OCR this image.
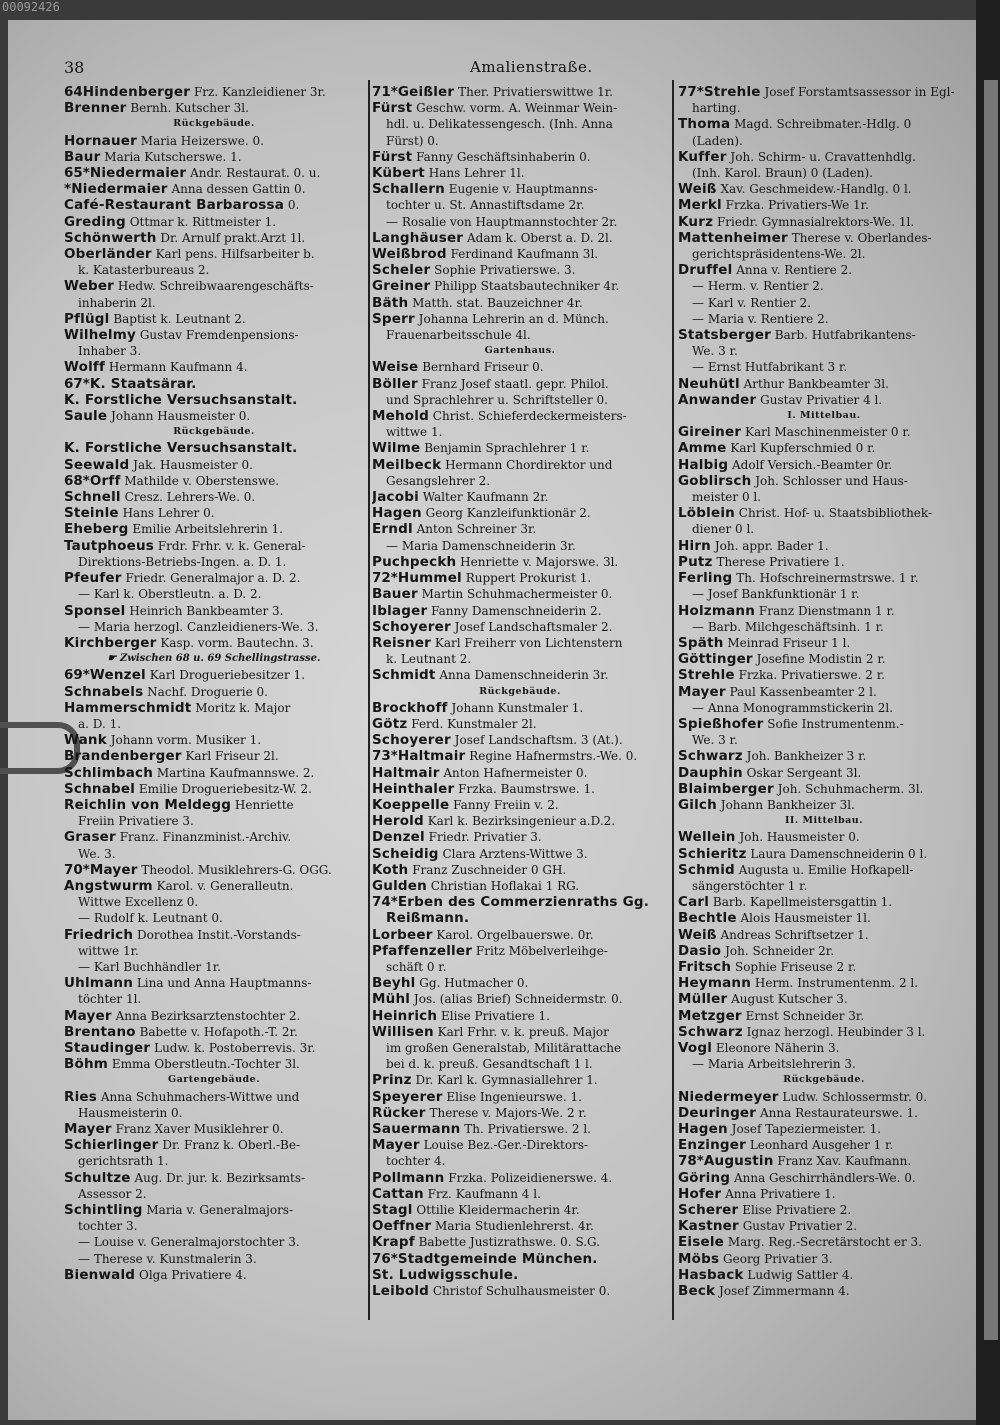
00092426
38	Amalienstraße.
64Hindenberger Frz. Kanzleidiener 3r.
Brenner Bernh. Kutscher 3l.
Rückgebäude.
Hornauer Maria Heizerswe. 0.
Baur Maria Kutscherswe. 1.
65*Niedermaier Andr. Restaurat. 0. u.
*Niedermaier Anna dessen Gattin 0.
Café-Restaurant Barbarossa 0.
Greding Ottmar k. Rittmeister 1.
Schönwerth Dr. Arnulf prakt.Arzt 1l.
Oberländer Karl pens. Hilfsarbeiter b.
k. Katasterbureaus 2.
Weber Hedw. Schreibwaarengeschäfts-
inhaberin 2l.
Pflügl Baptist k. Leutnant 2.
Wilhelmy Gustav Fremdenpensions-
Inhaber 3.
Wolff Hermann Kaufmann 4.
67*K. Staatsärar.
K. Forstliche Versuchsanstalt.
Saule Johann Hausmeister 0.
Rückgebäude.
K. Forstliche Versuchsanstalt.
Seewald Jak. Hausmeister 0.
68*Orff Mathilde v. Oberstenswe.
Schnell Cresz. Lehrers-We. 0.
Steinle Hans Lehrer 0.
Eheberg Emilie Arbeitslehrerin 1.
Tautphoeus Frdr. Frhr. v. k. General-
Direktions-Betriebs-Ingen. a. D. 1.
Pfeufer Friedr. Generalmajor a. D. 2.
— Karl k. Oberstleutn. a. D. 2.
Sponsel Heinrich Bankbeamter 3.
— Maria herzogl. Canzleidieners-We. 3.
Kirchberger Kasp. vorm. Bautechn. 3.
☛ Zwischen 68 u. 69 Schellingstrasse.
69*Wenzel Karl Drogueriebesitzer 1.
Schnabels Nachf. Droguerie 0.
Hammerschmidt Moritz k. Major
a. D. 1.
Wank Johann vorm. Musiker 1.
Brandenberger Karl Friseur 2l.
Schlimbach Martina Kaufmannswe. 2.
Schnabel Emilie Drogueriebesitz-W. 2.
Reichlin von Meldegg Henriette
Freiin Privatiere 3.
Graser Franz. Finanzminist.-Archiv.
We. 3.
70*Mayer Theodol. Musiklehrers-G. OGG.
Angstwurm Karol. v. Generalleutn.
Wittwe Excellenz 0.
— Rudolf k. Leutnant 0.
Friedrich Dorothea Instit.-Vorstands-
wittwe 1r.
— Karl Buchhändler 1r.
Uhlmann Lina und Anna Hauptmanns-
töchter 1l.
Mayer Anna Bezirksarztenstochter 2.
Brentano Babette v. Hofapoth.-T. 2r.
Staudinger Ludw. k. Postoberrevis. 3r.
Böhm Emma Oberstleutn.-Tochter 3l.
Gartengebäude.
Ries Anna Schuhmachers-Wittwe und
Hausmeisterin 0.
Mayer Franz Xaver Musiklehrer 0.
Schierlinger Dr. Franz k. Oberl.-Be-
gerichtsrath 1.
Schultze Aug. Dr. jur. k. Bezirksamts-
Assessor 2.
Schintling Maria v. Generalmajors-
tochter 3.
— Louise v. Generalmajorstochter 3.
— Therese v. Kunstmalerin 3.
Bienwald Olga Privatiere 4.
71*Geißler Ther. Privatierswittwe 1r.
Fürst Geschw. vorm. A. Weinmar Wein-
hdl. u. Delikatessengesch. (Inh. Anna
Fürst) 0.
Fürst Fanny Geschäftsinhaberin 0.
Kübert Hans Lehrer 1l.
Schallern Eugenie v. Hauptmanns-
tochter u. St. Annastiftsdame 2r.
— Rosalie von Hauptmannstochter 2r.
Langhäuser Adam k. Oberst a. D. 2l.
Weißbrod Ferdinand Kaufmann 3l.
Scheler Sophie Privatierswe. 3.
Greiner Philipp Staatsbautechniker 4r.
Bäth Matth. stat. Bauzeichner 4r.
Sperr Johanna Lehrerin an d. Münch.
Frauenarbeitsschule 4l.
Gartenhaus.
Weise Bernhard Friseur 0.
Böller Franz Josef staatl. gepr. Philol.
und Sprachlehrer u. Schriftsteller 0.
Mehold Christ. Schieferdeckermeisters-
wittwe 1.
Wilme Benjamin Sprachlehrer 1 r.
Meilbeck Hermann Chordirektor und
Gesangslehrer 2.
Jacobi Walter Kaufmann 2r.
Hagen Georg Kanzleifunktionär 2.
Erndl Anton Schreiner 3r.
— Maria Damenschneiderin 3r.
Puchpeckh Henriette v. Majorswe. 3l.
72*Hummel Ruppert Prokurist 1.
Bauer Martin Schuhmachermeister 0.
Iblager Fanny Damenschneiderin 2.
Schoyerer Josef Landschaftsmaler 2.
Reisner Karl Freiherr von Lichtenstern
k. Leutnant 2.
Schmidt Anna Damenschneiderin 3r.
Rückgebäude.
Brockhoff Johann Kunstmaler 1.
Götz Ferd. Kunstmaler 2l.
Schoyerer Josef Landschaftsm. 3 (At.).
73*Haltmair Regine Hafnermstrs.-We. 0.
Haltmair Anton Hafnermeister 0.
Heinthaler Frzka. Baumstrswe. 1.
Koeppelle Fanny Freiin v. 2.
Herold Karl k. Bezirksingenieur a.D.2.
Denzel Friedr. Privatier 3.
Scheidig Clara Arztens-Wittwe 3.
Koth Franz Zuschneider 0 GH.
Gulden Christian Hoflakai 1 RG.
74*Erben des Commerzienraths Gg.
Reißmann.
Lorbeer Karol. Orgelbauerswe. 0r.
Pfaffenzeller Fritz Möbelverleihge-
schäft 0 r.
Beyhl Gg. Hutmacher 0.
Mühl Jos. (alias Brief) Schneidermstr. 0.
Heinrich Elise Privatiere 1.
Willisen Karl Frhr. v. k. preuß. Major
im großen Generalstab, Militärattache
bei d. k. preuß. Gesandtschaft 1 l.
Prinz Dr. Karl k. Gymnasiallehrer 1.
Speyerer Elise Ingenieurswe. 1.
Rücker Therese v. Majors-We. 2 r.
Sauermann Th. Privatierswe. 2 l.
Mayer Louise Bez.-Ger.-Direktors-
tochter 4.
Pollmann Frzka. Polizeidienerswe. 4.
Cattan Frz. Kaufmann 4 l.
Stagl Ottilie Kleidermacherin 4r.
Oeffner Maria Studienlehrerst. 4r.
Krapf Babette Justizrathswe. 0. S.G.
76*Stadtgemeinde München.
St. Ludwigsschule.
Leibold Christof Schulhausmeister 0.
77*Strehle Josef Forstamtsassessor in Egl-
harting.
Thoma Magd. Schreibmater.-Hdlg. 0
(Laden).
Kuffer Joh. Schirm- u. Cravattenhdlg.
(Inh. Karol. Braun) 0 (Laden).
Weiß Xav. Geschmeidew.-Handlg. 0 l.
Merkl Frzka. Privatiers-We 1r.
Kurz Friedr. Gymnasialrektors-We. 1l.
Mattenheimer Therese v. Oberlandes-
gerichtspräsidentens-We. 2l.
Druffel Anna v. Rentiere 2.
— Herm. v. Rentier 2.
— Karl v. Rentier 2.
— Maria v. Rentiere 2.
Statsberger Barb. Hutfabrikantens-
We. 3 r.
— Ernst Hutfabrikant 3 r.
Neuhütl Arthur Bankbeamter 3l.
Anwander Gustav Privatier 4 l.
I. Mittelbau.
Gireiner Karl Maschinenmeister 0 r.
Amme Karl Kupferschmied 0 r.
Halbig Adolf Versich.-Beamter 0r.
Goblirsch Joh. Schlosser und Haus-
meister 0 l.
Löblein Christ. Hof- u. Staatsbibliothek-
diener 0 l.
Hirn Joh. appr. Bader 1.
Putz Therese Privatiere 1.
Ferling Th. Hofschreinermstrswe. 1 r.
— Josef Bankfunktionär 1 r.
Holzmann Franz Dienstmann 1 r.
— Barb. Milchgeschäftsinh. 1 r.
Späth Meinrad Friseur 1 l.
Göttinger Josefine Modistin 2 r.
Strehle Frzka. Privatierswe. 2 r.
Mayer Paul Kassenbeamter 2 l.
— Anna Monogrammstickerin 2l.
Spießhofer Sofie Instrumentenm.-
We. 3 r.
Schwarz Joh. Bankheizer 3 r.
Dauphin Oskar Sergeant 3l.
Blaimberger Joh. Schuhmacherm. 3l.
Gilch Johann Bankheizer 3l.
II. Mittelbau.
Wellein Joh. Hausmeister 0.
Schieritz Laura Damenschneiderin 0 l.
Schmid Augusta u. Emilie Hofkapell-
sängerstöchter 1 r.
Carl Barb. Kapellmeistersgattin 1.
Bechtle Alois Hausmeister 1l.
Weiß Andreas Schriftsetzer 1.
Dasio Joh. Schneider 2r.
Fritsch Sophie Friseuse 2 r.
Heymann Herm. Instrumentenm. 2 l.
Müller August Kutscher 3.
Metzger Ernst Schneider 3r.
Schwarz Ignaz herzogl. Heubinder 3 l.
Vogl Eleonore Näherin 3.
— Maria Arbeitslehrerin 3.
Rückgebäude.
Niedermeyer Ludw. Schlossermstr. 0.
Deuringer Anna Restaurateurswe. 1.
Hagen Josef Tapeziermeister. 1.
Enzinger Leonhard Ausgeher 1 r.
78*Augustin Franz Xav. Kaufmann.
Göring Anna Geschirrhändlers-We. 0.
Hofer Anna Privatiere 1.
Scherer Elise Privatiere 2.
Kastner Gustav Privatier 2.
Eisele Marg. Reg.-Secretärstocht er 3.
Möbs Georg Privatier 3.
Hasback Ludwig Sattler 4.
Beck Josef Zimmermann 4.
